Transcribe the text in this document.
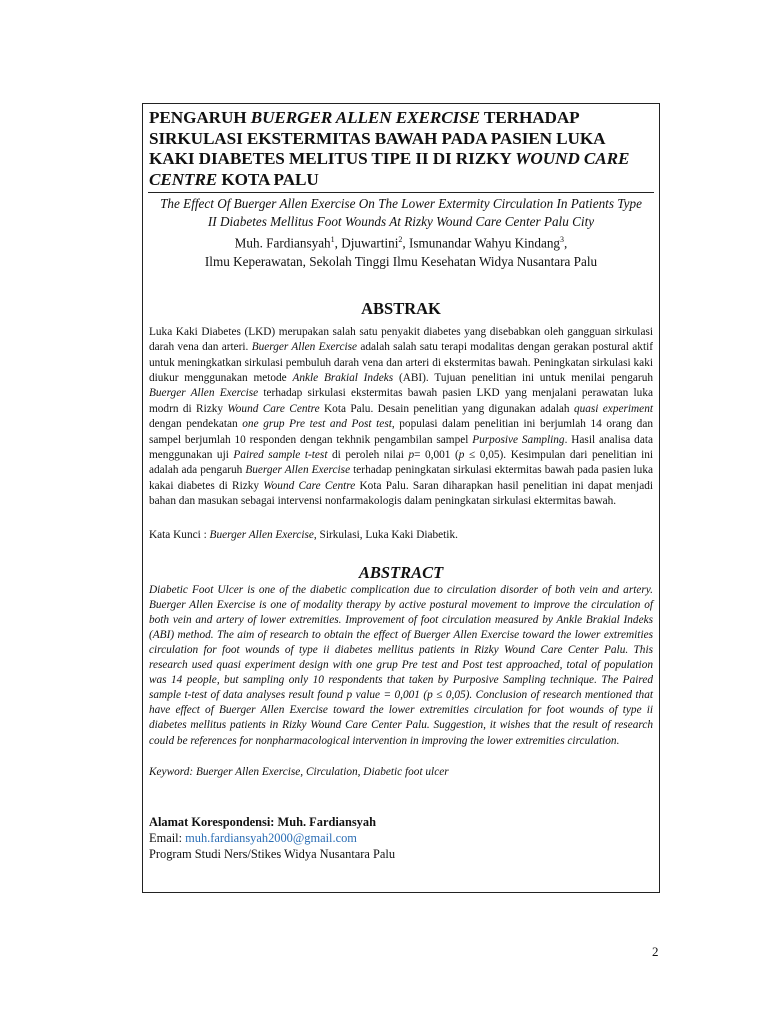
PENGARUH BUERGER ALLEN EXERCISE TERHADAP SIRKULASI EKSTERMITAS BAWAH PADA PASIEN LUKA KAKI DIABETES MELITUS TIPE II DI RIZKY WOUND CARE CENTRE KOTA PALU

The Effect Of Buerger Allen Exercise On The Lower Extermity Circulation In Patients Type II Diabetes Mellitus Foot Wounds At Rizky Wound Care Center Palu City

Muh. Fardiansyah$^1$, Djuwartini$^2$, Ismunandar Wahyu Kindang$^3$,

Ilmu Keperawatan, Sekolah Tinggi Ilmu Kesehatan Widya Nusantara Palu

ABSTRAK

Luka Kaki Diabetes (LKD) merupakan salah satu penyakit diabetes yang disebabkan oleh gangguan sirkulasi darah vena dan arteri. Buerger Allen Exercise adalah salah satu terapi modalitas dengan gerakan postural aktif untuk meningkatkan sirkulasi pembuluh darah vena dan arteri di ekstermitas bawah. Peningkatan sirkulasi kaki diukur menggunakan metode Ankle Brakial Indeks (ABI). Tujuan penelitian ini untuk menilai pengaruh Buerger Allen Exercise terhadap sirkulasi ekstermitas bawah pasien LKD yang menjalani perawatan luka modrn di Rizky Wound Care Centre Kota Palu. Desain penelitian yang digunakan adalah quasi experiment dengan pendekatan one grup Pre test and Post test, populasi dalam penelitian ini berjumlah 14 orang dan sampel berjumlah 10 responden dengan tekhnik pengambilan sampel Purposive Sampling. Hasil analisa data menggunakan uji Paired sample t-test di peroleh nilai p= 0,001 (p ≤ 0,05). Kesimpulan dari penelitian ini adalah ada pengaruh Buerger Allen Exercise terhadap peningkatan sirkulasi ektermitas bawah pada pasien luka kakai diabetes di Rizky Wound Care Centre Kota Palu. Saran diharapkan hasil penelitian ini dapat menjadi bahan dan masukan sebagai intervensi nonfarmakologis dalam peningkatan sirkulasi ektermitas bawah.

Kata Kunci : Buerger Allen Exercise, Sirkulasi, Luka Kaki Diabetik.

ABSTRACT

Diabetic Foot Ulcer is one of the diabetic complication due to circulation disorder of both vein and artery. Buerger Allen Exercise is one of modality therapy by active postural movement to improve the circulation of both vein and artery of lower extremities. Improvement of foot circulation measured by Ankle Brakial Indeks (ABI) method. The aim of research to obtain the effect of Buerger Allen Exercise toward the lower extremities circulation for foot wounds of type ii diabetes mellitus patients in Rizky Wound Care Center Palu. This research used quasi experiment design with one grup Pre test and Post test approached, total of population was 14 people, but sampling only 10 respondents that taken by Purposive Sampling technique. The Paired sample t-test of data analyses result found p value = 0,001 (p ≤ 0,05). Conclusion of research mentioned that have effect of Buerger Allen Exercise toward the lower extremities circulation for foot wounds of type ii diabetes mellitus patients in Rizky Wound Care Center Palu. Suggestion, it wishes that the result of research could be references for nonpharmacological intervention in improving the lower extremities circulation.

Keyword: Buerger Allen Exercise, Circulation, Diabetic foot ulcer

Alamat Korespondensi: Muh. Fardiansyah
Email: muh.fardiansyah2000@gmail.com
Program Studi Ners/Stikes Widya Nusantara Palu
2
